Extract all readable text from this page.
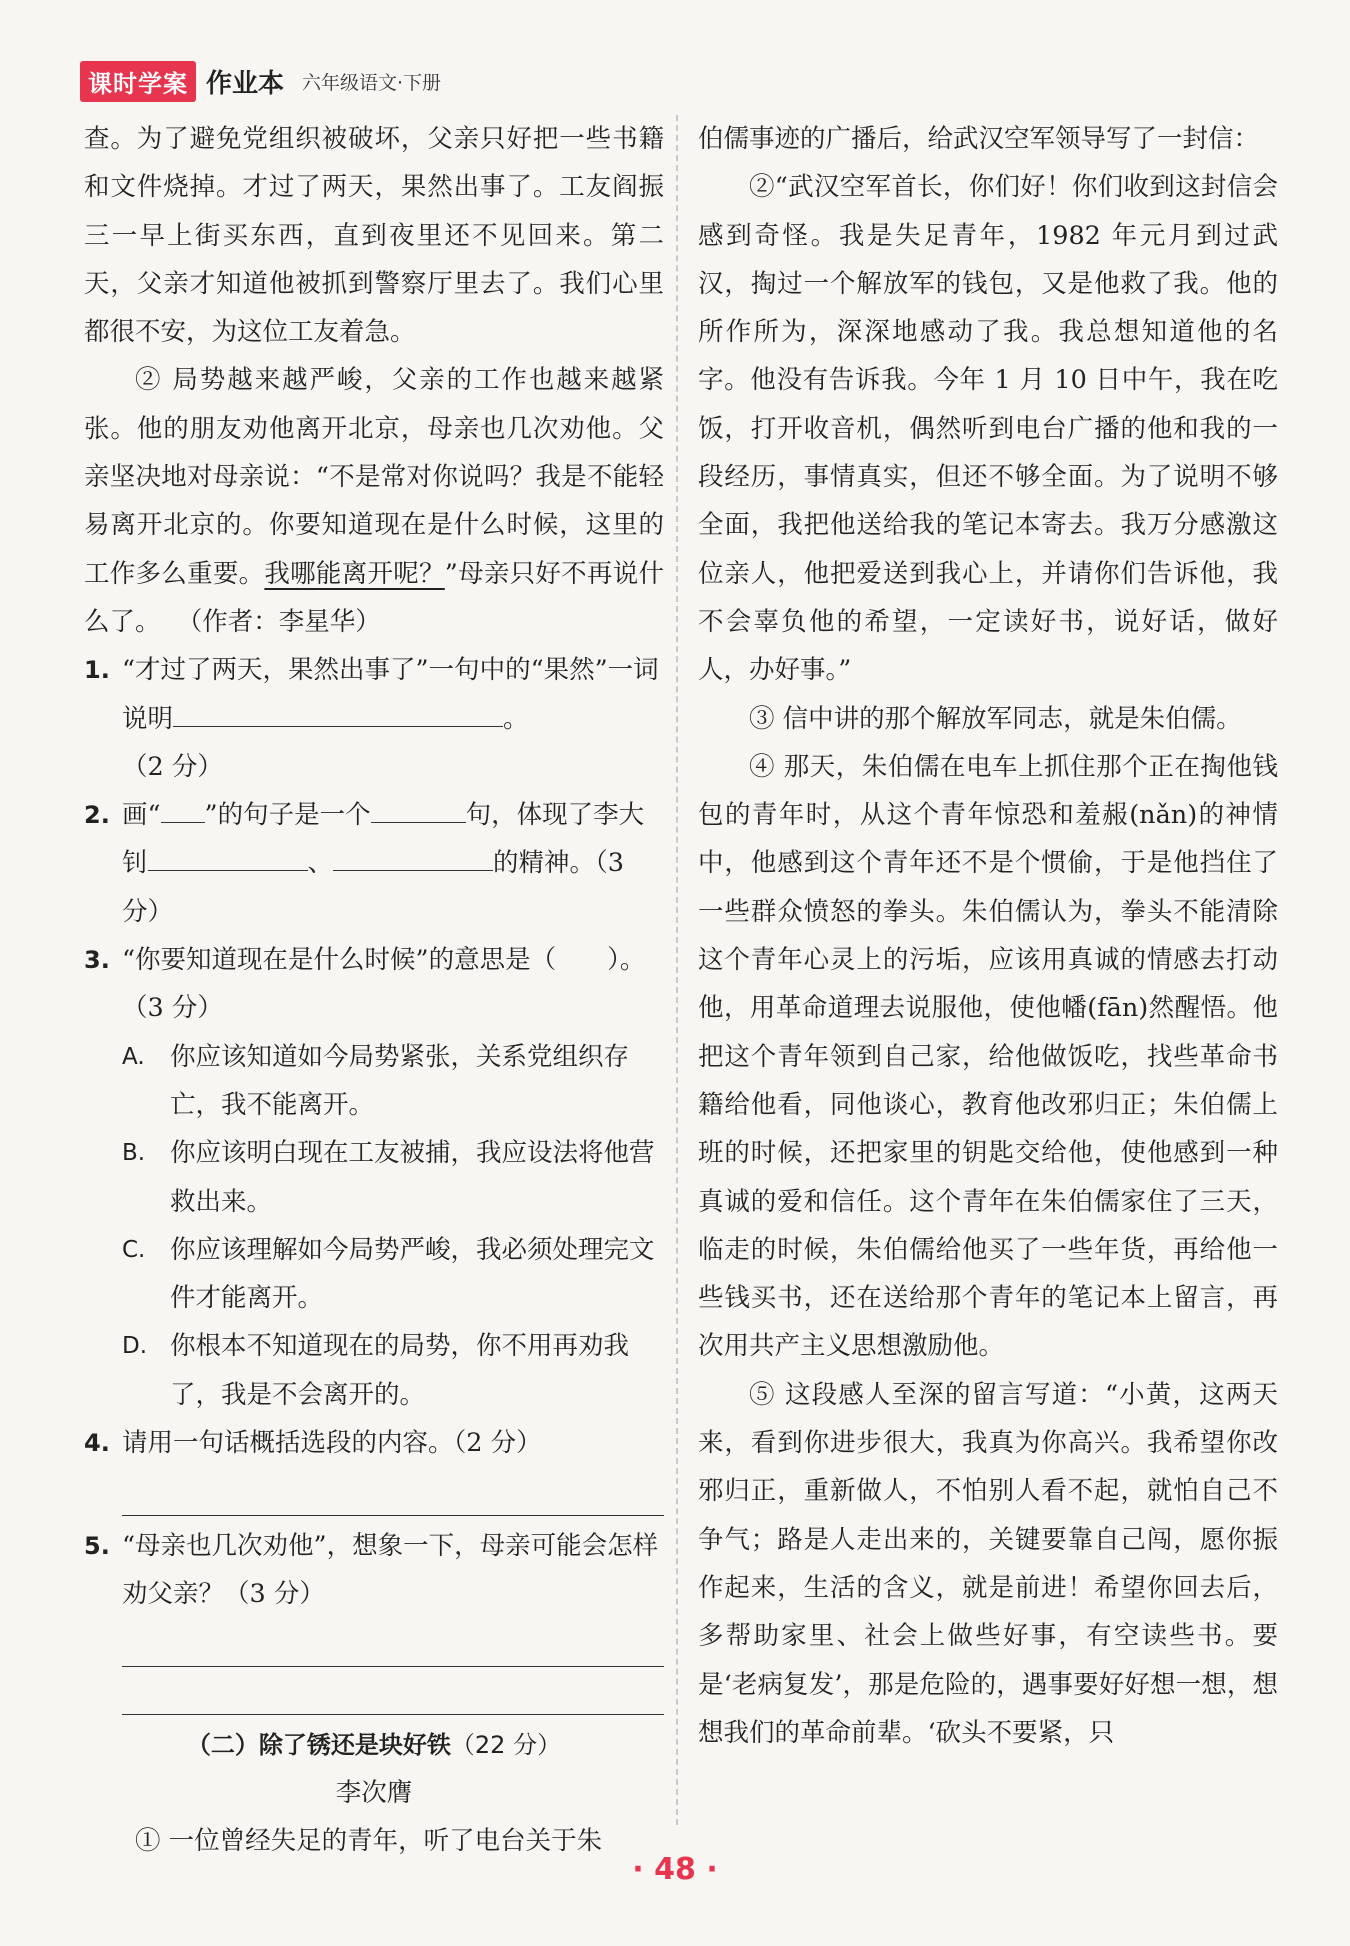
课时学案 作业本 六年级语文·下册

查。为了避免党组织被破坏，父亲只好把一些书籍和文件烧掉。才过了两天，果然出事了。工友阎振三一早上街买东西，直到夜里还不见回来。第二天，父亲才知道他被抓到警察厅里去了。我们心里都很不安，为这位工友着急。

② 局势越来越严峻，父亲的工作也越来越紧张。他的朋友劝他离开北京，母亲也几次劝他。父亲坚决地对母亲说：“不是常对你说吗？我是不能轻易离开北京的。你要知道现在是什么时候，这里的工作多么重要。我哪能离开呢？”母亲只好不再说什么了。 （作者：李星华）

1. “才过了两天，果然出事了”一句中的“果然”一词说明	。
（2 分）
2. 画“ ”的句子是一个	句，体现了李大钊	、	的精神。（3 分）
3. “你要知道现在是什么时候”的意思是（　　）。（3 分）
A. 你应该知道如今局势紧张，关系党组织存亡，我不能离开。
B. 你应该明白现在工友被捕，我应设法将他营救出来。
C. 你应该理解如今局势严峻，我必须处理完文件才能离开。
D. 你根本不知道现在的局势，你不用再劝我了，我是不会离开的。
4. 请用一句话概括选段的内容。（2 分）
5. “母亲也几次劝他”，想象一下，母亲可能会怎样劝父亲？（3 分）
（二）除了锈还是块好铁（22 分）
李次膺

① 一位曾经失足的青年，听了电台关于朱

伯儒事迹的广播后，给武汉空军领导写了一封信：

②“武汉空军首长，你们好！你们收到这封信会感到奇怪。我是失足青年，1982 年元月到过武汉，掏过一个解放军的钱包，又是他救了我。他的所作所为，深深地感动了我。我总想知道他的名字。他没有告诉我。今年 1 月 10 日中午，我在吃饭，打开收音机，偶然听到电台广播的他和我的一段经历，事情真实，但还不够全面。为了说明不够全面，我把他送给我的笔记本寄去。我万分感激这位亲人，他把爱送到我心上，并请你们告诉他，我不会辜负他的希望，一定读好书，说好话，做好人，办好事。”

③ 信中讲的那个解放军同志，就是朱伯儒。

④ 那天，朱伯儒在电车上抓住那个正在掏他钱包的青年时，从这个青年惊恐和羞赧(nǎn)的神情中，他感到这个青年还不是个惯偷，于是他挡住了一些群众愤怒的拳头。朱伯儒认为，拳头不能清除这个青年心灵上的污垢，应该用真诚的情感去打动他，用革命道理去说服他，使他幡(fān)然醒悟。他把这个青年领到自己家，给他做饭吃，找些革命书籍给他看，同他谈心，教育他改邪归正；朱伯儒上班的时候，还把家里的钥匙交给他，使他感到一种真诚的爱和信任。这个青年在朱伯儒家住了三天，临走的时候，朱伯儒给他买了一些年货，再给他一些钱买书，还在送给那个青年的笔记本上留言，再次用共产主义思想激励他。

⑤ 这段感人至深的留言写道：“小黄，这两天来，看到你进步很大，我真为你高兴。我希望你改邪归正，重新做人，不怕别人看不起，就怕自己不争气；路是人走出来的，关键要靠自己闯，愿你振作起来，生活的含义，就是前进！希望你回去后，多帮助家里、社会上做些好事，有空读些书。要是‘老病复发’，那是危险的，遇事要好好想一想，想想我们的革命前辈。‘砍头不要紧，只

· 48 ·
